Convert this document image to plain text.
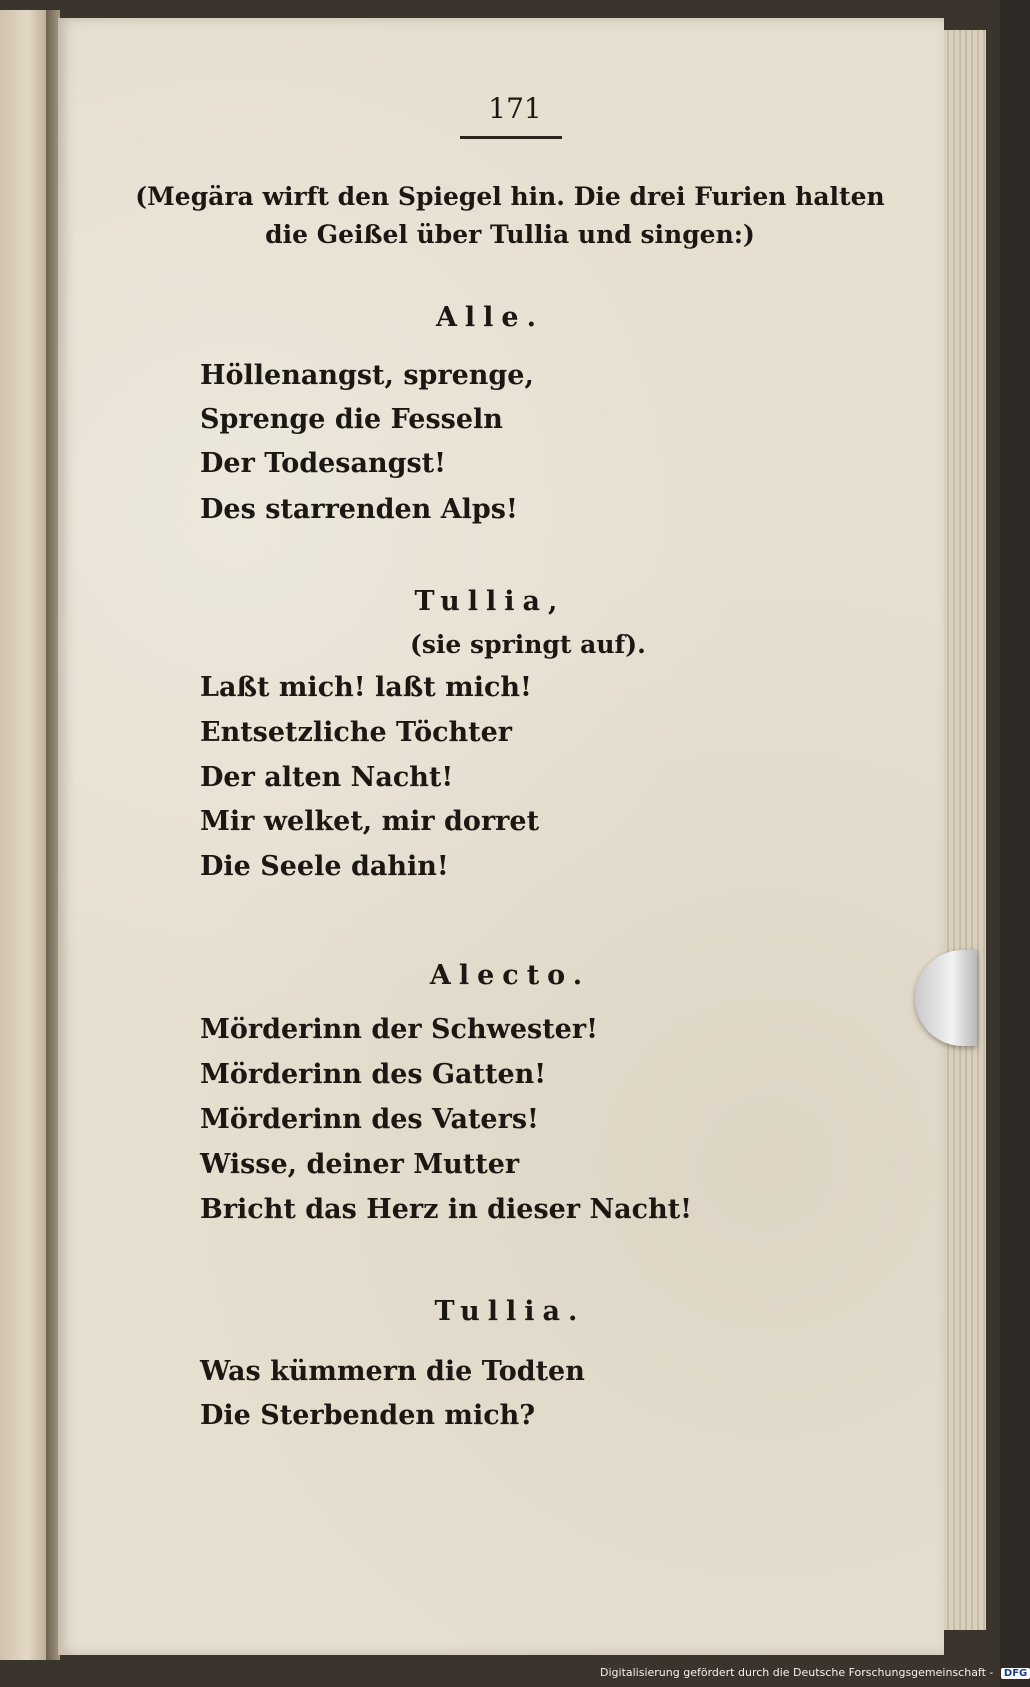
171
(Megära wirft den Spiegel hin. Die drei Furien halten die Geißel über Tullia und singen:)
Alle.
Höllenangst, sprenge,
Sprenge die Fesseln
Der Todesangst!
Des starrenden Alps!
Tullia,
(sie springt auf).
Laßt mich! laßt mich!
Entsetzliche Töchter
Der alten Nacht!
Mir welket, mir dorret
Die Seele dahin!
Alecto.
Mörderinn der Schwester!
Mörderinn des Gatten!
Mörderinn des Vaters!
Wisse, deiner Mutter
Bricht das Herz in dieser Nacht!
Tullia.
Was kümmern die Todten
Die Sterbenden mich?
Digitalisierung gefördert durch die Deutsche Forschungsgemeinschaft - DFG
